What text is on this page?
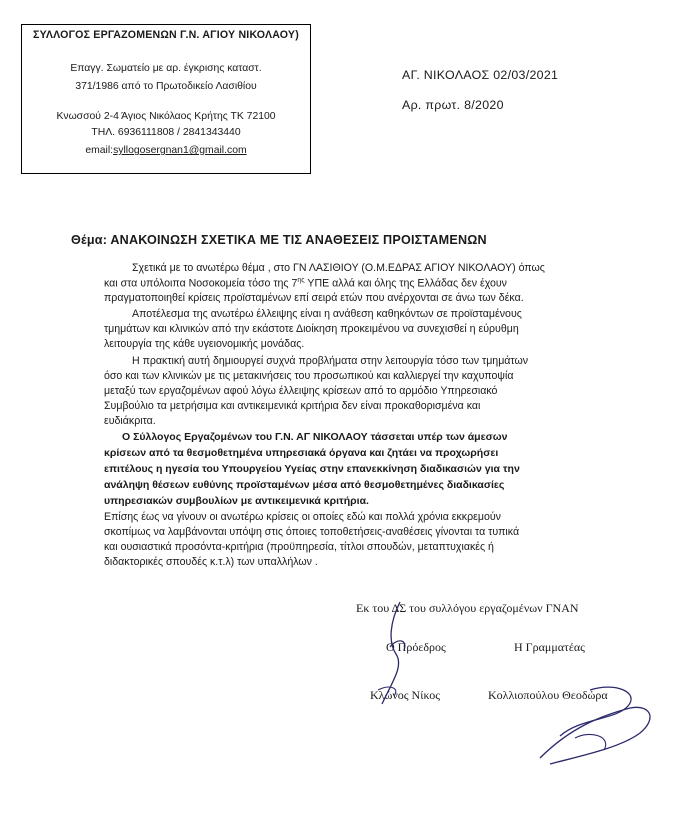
ΣΥΛΛΟΓΟΣ ΕΡΓΑΖΟΜΕΝΩΝ Γ.Ν. ΑΓΙΟΥ ΝΙΚΟΛΑΟΥ)
Επαγγ. Σωματείο με αρ. έγκρισης καταστ.
371/1986 από το Πρωτοδικείο Λασιθίου
Κνωσσού 2-4 Άγιος Νικόλαος Κρήτης ΤΚ 72100
ΤΗΛ. 6936111808 / 2841343440
email:syllogosergnan1@gmail.com
ΑΓ. ΝΙΚΟΛΑΟΣ 02/03/2021
Αρ. πρωτ. 8/2020
Θέμα: ΑΝΑΚΟΙΝΩΣΗ ΣΧΕΤΙΚΑ ΜΕ ΤΙΣ ΑΝΑΘΕΣΕΙΣ ΠΡΟΙΣΤΑΜΕΝΩΝ
Σχετικά με το ανωτέρω θέμα , στο ΓΝ ΛΑΣΙΘΙΟΥ (Ο.Μ.ΕΔΡΑΣ ΑΓΙΟΥ ΝΙΚΟΛΑΟΥ) όπως
και στα υπόλοιπα Νοσοκομεία τόσο της $7^{\eta\varsigma}$ ΥΠΕ αλλά και όλης της Ελλάδας δεν έχουν
πραγματοποιηθεί κρίσεις προϊσταμένων επί σειρά ετών που ανέρχονται σε άνω των δέκα.
Αποτέλεσμα της ανωτέρω έλλειψης είναι η ανάθεση καθηκόντων σε προϊσταμένους
τμημάτων και κλινικών από την εκάστοτε Διοίκηση προκειμένου να συνεχισθεί η εύρυθμη
λειτουργία της κάθε υγειονομικής μονάδας.
Η πρακτική αυτή δημιουργεί συχνά προβλήματα στην λειτουργία τόσο των τμημάτων
όσο και των κλινικών με τις μετακινήσεις του προσωπικού και καλλιεργεί την καχυποψία
μεταξύ των εργαζομένων αφού λόγω έλλειψης κρίσεων από το αρμόδιο Υπηρεσιακό
Συμβούλιο τα μετρήσιμα και αντικειμενικά κριτήρια δεν είναι προκαθορισμένα και
ευδιάκριτα.
Ο Σύλλογος Εργαζομένων του Γ.Ν. ΑΓ ΝΙΚΟΛΑΟΥ τάσσεται υπέρ των άμεσων
κρίσεων από τα θεσμοθετημένα υπηρεσιακά όργανα και ζητάει να προχωρήσει
επιτέλους η ηγεσία του Υπουργείου Υγείας στην επανεκκίνηση διαδικασιών για την
ανάληψη θέσεων ευθύνης προϊσταμένων μέσα από θεσμοθετημένες διαδικασίες
υπηρεσιακών συμβουλίων με αντικειμενικά κριτήρια.
Επίσης έως να γίνουν οι ανωτέρω κρίσεις οι οποίες εδώ και πολλά χρόνια εκκρεμούν
σκοπίμως να λαμβάνονται υπόψη στις όποιες τοποθετήσεις-αναθέσεις γίνονται τα τυπικά
και ουσιαστικά προσόντα-κριτήρια (προϋπηρεσία, τίτλοι σπουδών, μεταπτυχιακές ή
διδακτορικές σπουδές κ.τ.λ) των υπαλλήλων .
Εκ του ΔΣ του συλλόγου εργαζομένων ΓΝΑΝ
Ο Πρόεδρος	Η Γραμματέας
Κλώνος Νίκος	Κολλιοπούλου Θεοδώρα
